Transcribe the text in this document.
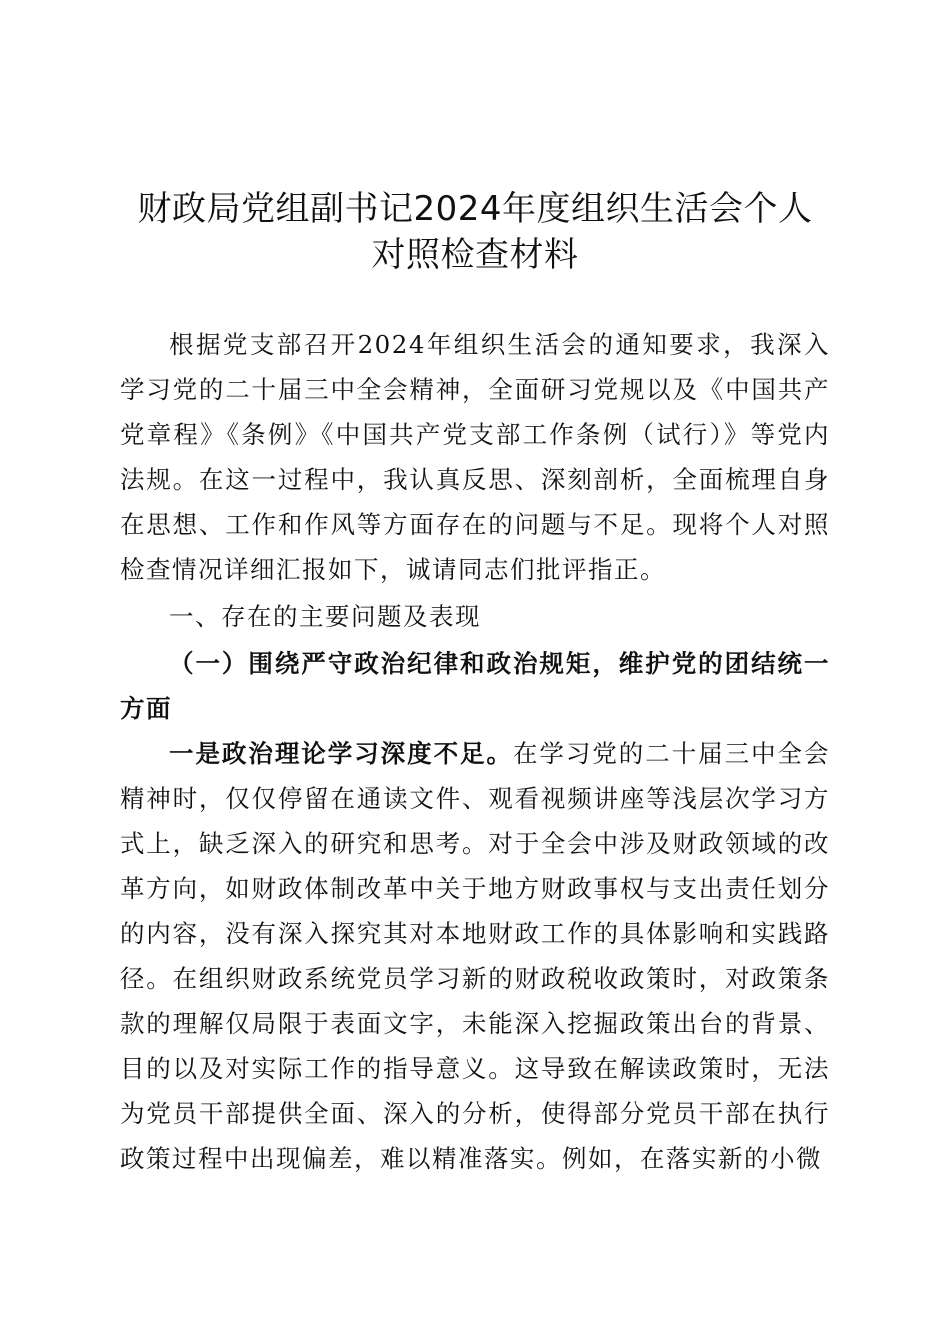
财政局党组副书记2024年度组织生活会个人
对照检查材料

根据党支部召开2024年组织生活会的通知要求，我深入学习党的二十届三中全会精神，全面研习党规以及《中国共产党章程》《条例》《中国共产党支部工作条例（试行）》等党内法规。在这一过程中，我认真反思、深刻剖析，全面梳理自身在思想、工作和作风等方面存在的问题与不足。现将个人对照检查情况详细汇报如下，诚请同志们批评指正。

一、存在的主要问题及表现

（一）围绕严守政治纪律和政治规矩，维护党的团结统一方面

一是政治理论学习深度不足。在学习党的二十届三中全会精神时，仅仅停留在通读文件、观看视频讲座等浅层次学习方式上，缺乏深入的研究和思考。对于全会中涉及财政领域的改革方向，如财政体制改革中关于地方财政事权与支出责任划分的内容，没有深入探究其对本地财政工作的具体影响和实践路径。在组织财政系统党员学习新的财政税收政策时，对政策条款的理解仅局限于表面文字，未能深入挖掘政策出台的背景、目的以及对实际工作的指导意义。这导致在解读政策时，无法为党员干部提供全面、深入的分析，使得部分党员干部在执行政策过程中出现偏差，难以精准落实。例如，在落实新的小微
